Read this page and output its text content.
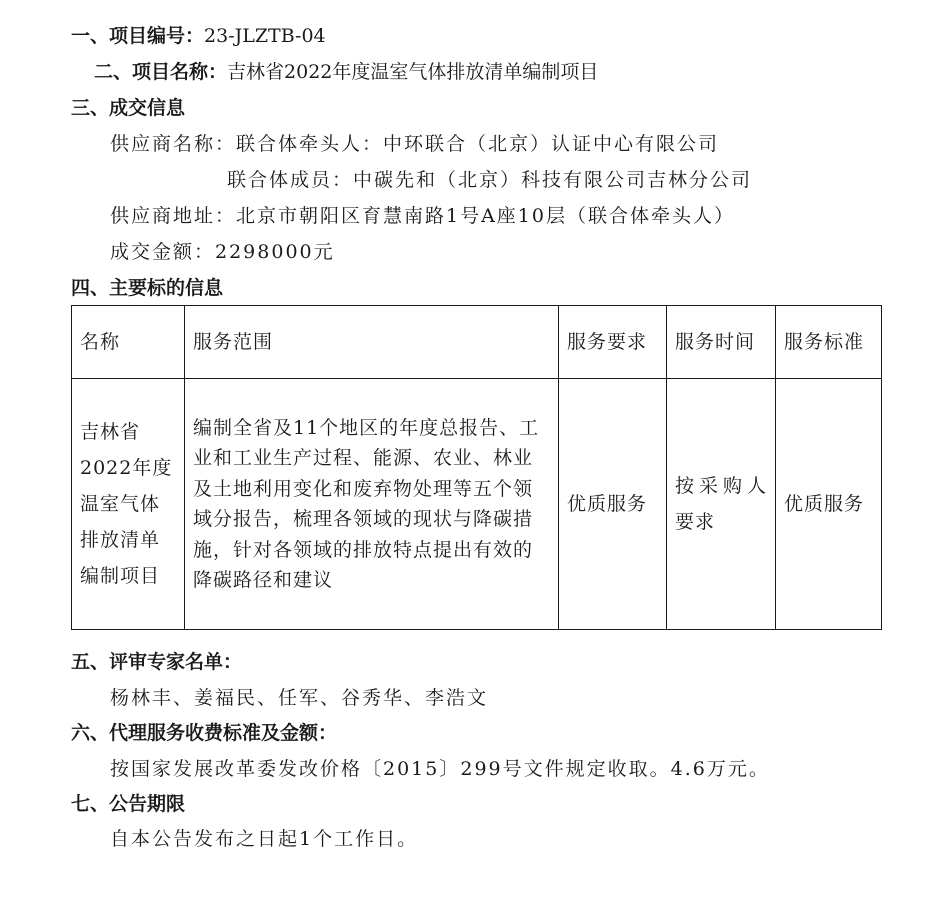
一、项目编号：23-JLZTB-04
二、项目名称：吉林省2022年度温室气体排放清单编制项目
三、成交信息
供应商名称：联合体牵头人：中环联合（北京）认证中心有限公司
联合体成员：中碳先和（北京）科技有限公司吉林分公司
供应商地址：北京市朝阳区育慧南路1号A座10层（联合体牵头人）
成交金额：2298000元
四、主要标的信息
名称	服务范围	服务要求	服务时间	服务标准
吉林省2022年度温室气体排放清单编制项目	编制全省及11个地区的年度总报告、工业和工业生产过程、能源、农业、林业及土地利用变化和废弃物处理等五个领域分报告，梳理各领域的现状与降碳措施，针对各领域的排放特点提出有效的降碳路径和建议	优质服务	按采购人要求	优质服务
五、评审专家名单：
杨林丰、姜福民、任军、谷秀华、李浩文
六、代理服务收费标准及金额：
按国家发展改革委发改价格〔2015〕299号文件规定收取。4.6万元。
七、公告期限
自本公告发布之日起1个工作日。
